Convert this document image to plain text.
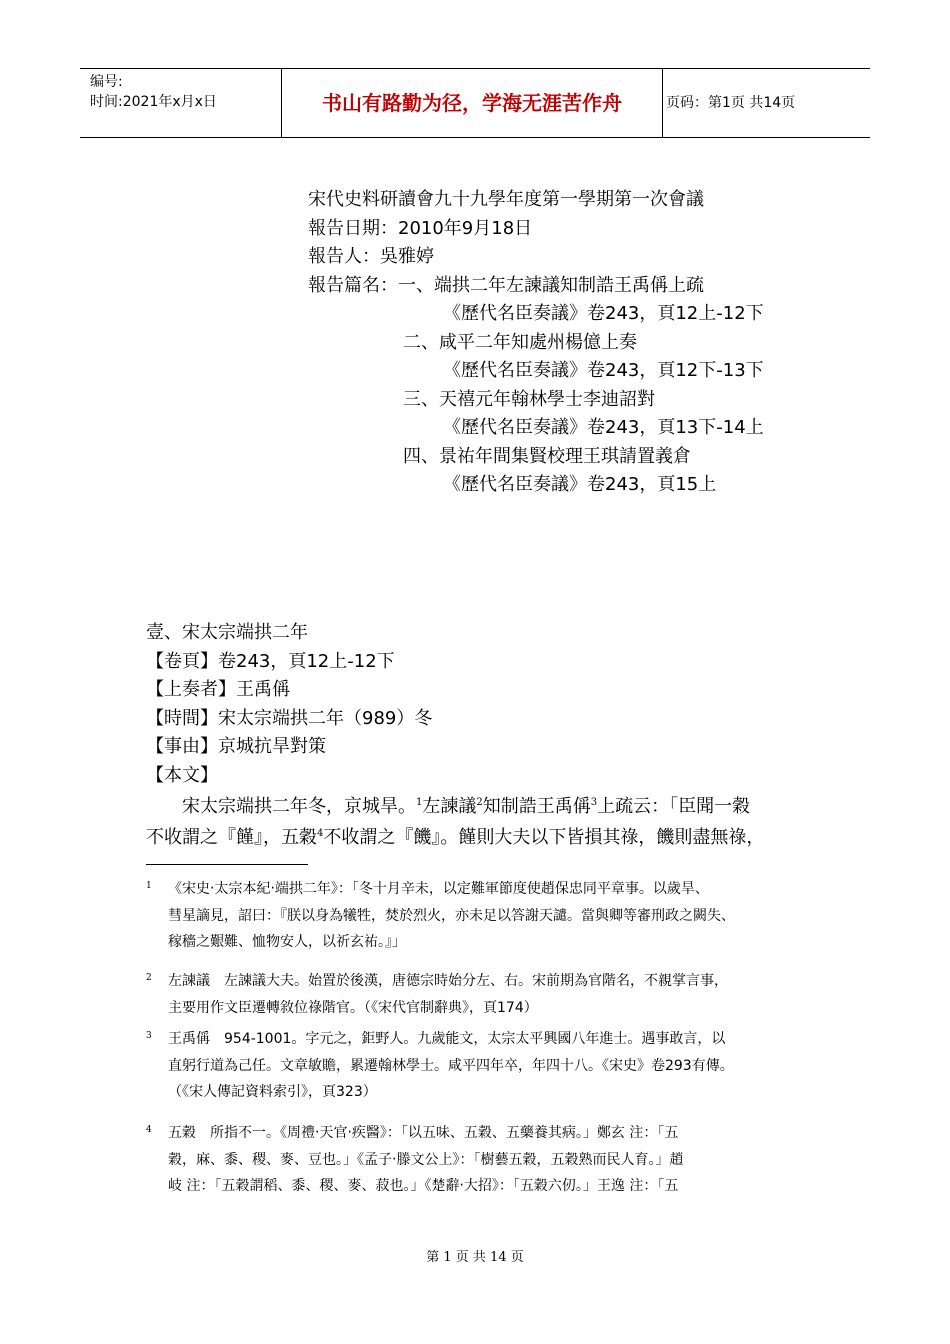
编号:
时间:2021年x月x日	书山有路勤为径，学海无涯苦作舟	页码：第1页 共14页
宋代史料研讀會九十九學年度第一學期第一次會議
報告日期：2010年9月18日
報告人：吳雅婷
報告篇名：一、端拱二年左諫議知制誥王禹偁上疏
《歷代名臣奏議》卷243，頁12上-12下
二、咸平二年知處州楊億上奏
《歷代名臣奏議》卷243，頁12下-13下
三、天禧元年翰林學士李迪詔對
《歷代名臣奏議》卷243，頁13下-14上
四、景祐年間集賢校理王琪請置義倉
《歷代名臣奏議》卷243，頁15上
壹、宋太宗端拱二年
【卷頁】卷243，頁12上-12下
【上奏者】王禹偁
【時間】宋太宗端拱二年（989）冬
【事由】京城抗旱對策
【本文】
宋太宗端拱二年冬，京城旱。$^1$左諫議$^2$知制誥王禹偁$^3$上疏云：「臣聞一穀
不收謂之『饉』，五穀$^4$不收謂之『饑』。饉則大夫以下皆損其祿，饑則盡無祿，
1 《宋史‧太宗本紀‧端拱二年》：「冬十月辛未，以定難軍節度使趙保忠同平章事。以歲旱、
彗星謫見，詔曰：『朕以身為犧牲，焚於烈火，亦未足以答謝天譴。當與卿等審刑政之闕失、
稼穡之艱難、恤物安人，以祈玄祐。』」
2 左諫議　左諫議大夫。始置於後漢，唐德宗時始分左、右。宋前期為官階名，不親掌言事，
主要用作文臣遷轉敘位祿階官。（《宋代官制辭典》，頁174）
3 王禹偁　954-1001。字元之，鉅野人。九歲能文，太宗太平興國八年進士。遇事敢言，以
直躬行道為己任。文章敏贍，累遷翰林學士。咸平四年卒，年四十八。《宋史》卷293有傳。
（《宋人傳記資料索引》，頁323）
4 五穀　所指不一。《周禮‧天官‧疾醫》：「以五味、五穀、五藥養其病。」鄭玄 注：「五
穀，麻、黍、稷、麥、豆也。」《孟子‧滕文公上》：「樹藝五穀，五穀熟而民人育。」趙
岐 注：「五穀謂稻、黍、稷、麥、菽也。」《楚辭‧大招》：「五穀六仞。」王逸 注：「五
第 1 页 共 14 页
